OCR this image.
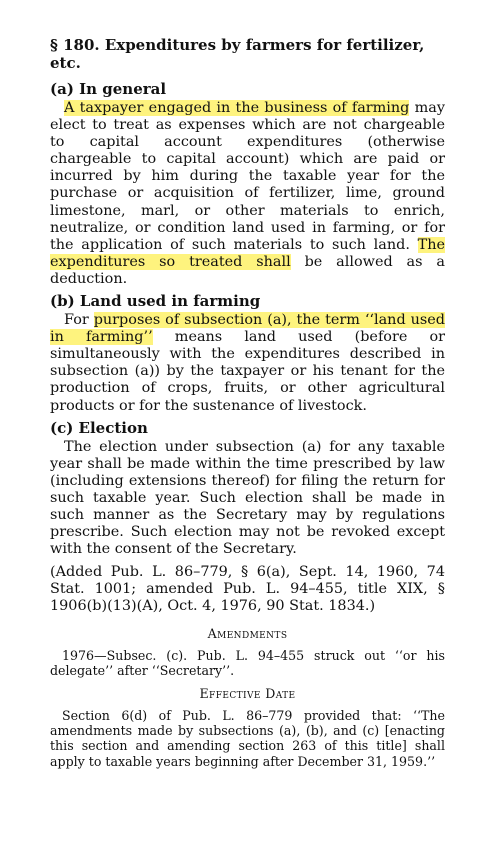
§ 180. Expenditures by farmers for fertilizer, etc.
(a) In general

A taxpayer engaged in the business of farming may elect to treat as expenses which are not chargeable to capital account expenditures (otherwise chargeable to capital account) which are paid or incurred by him during the taxable year for the purchase or acquisition of fertilizer, lime, ground limestone, marl, or other materials to enrich, neutralize, or condition land used in farming, or for the application of such materials to such land. The expenditures so treated shall be allowed as a deduction.

(b) Land used in farming

For purposes of subsection (a), the term ‘‘land used in farming’’ means land used (before or simultaneously with the expenditures described in subsection (a)) by the taxpayer or his tenant for the production of crops, fruits, or other agricultural products or for the sustenance of livestock.

(c) Election

The election under subsection (a) for any taxable year shall be made within the time prescribed by law (including extensions thereof) for filing the return for such taxable year. Such election shall be made in such manner as the Secretary may by regulations prescribe. Such election may not be revoked except with the consent of the Secretary.

(Added Pub. L. 86–779, § 6(a), Sept. 14, 1960, 74 Stat. 1001; amended Pub. L. 94–455, title XIX, § 1906(b)(13)(A), Oct. 4, 1976, 90 Stat. 1834.)

Amendments

1976—Subsec. (c). Pub. L. 94–455 struck out ‘‘or his delegate’’ after ‘‘Secretary’’.

Effective Date

Section 6(d) of Pub. L. 86–779 provided that: ‘‘The amendments made by subsections (a), (b), and (c) [enacting this section and amending section 263 of this title] shall apply to taxable years beginning after December 31, 1959.’’
